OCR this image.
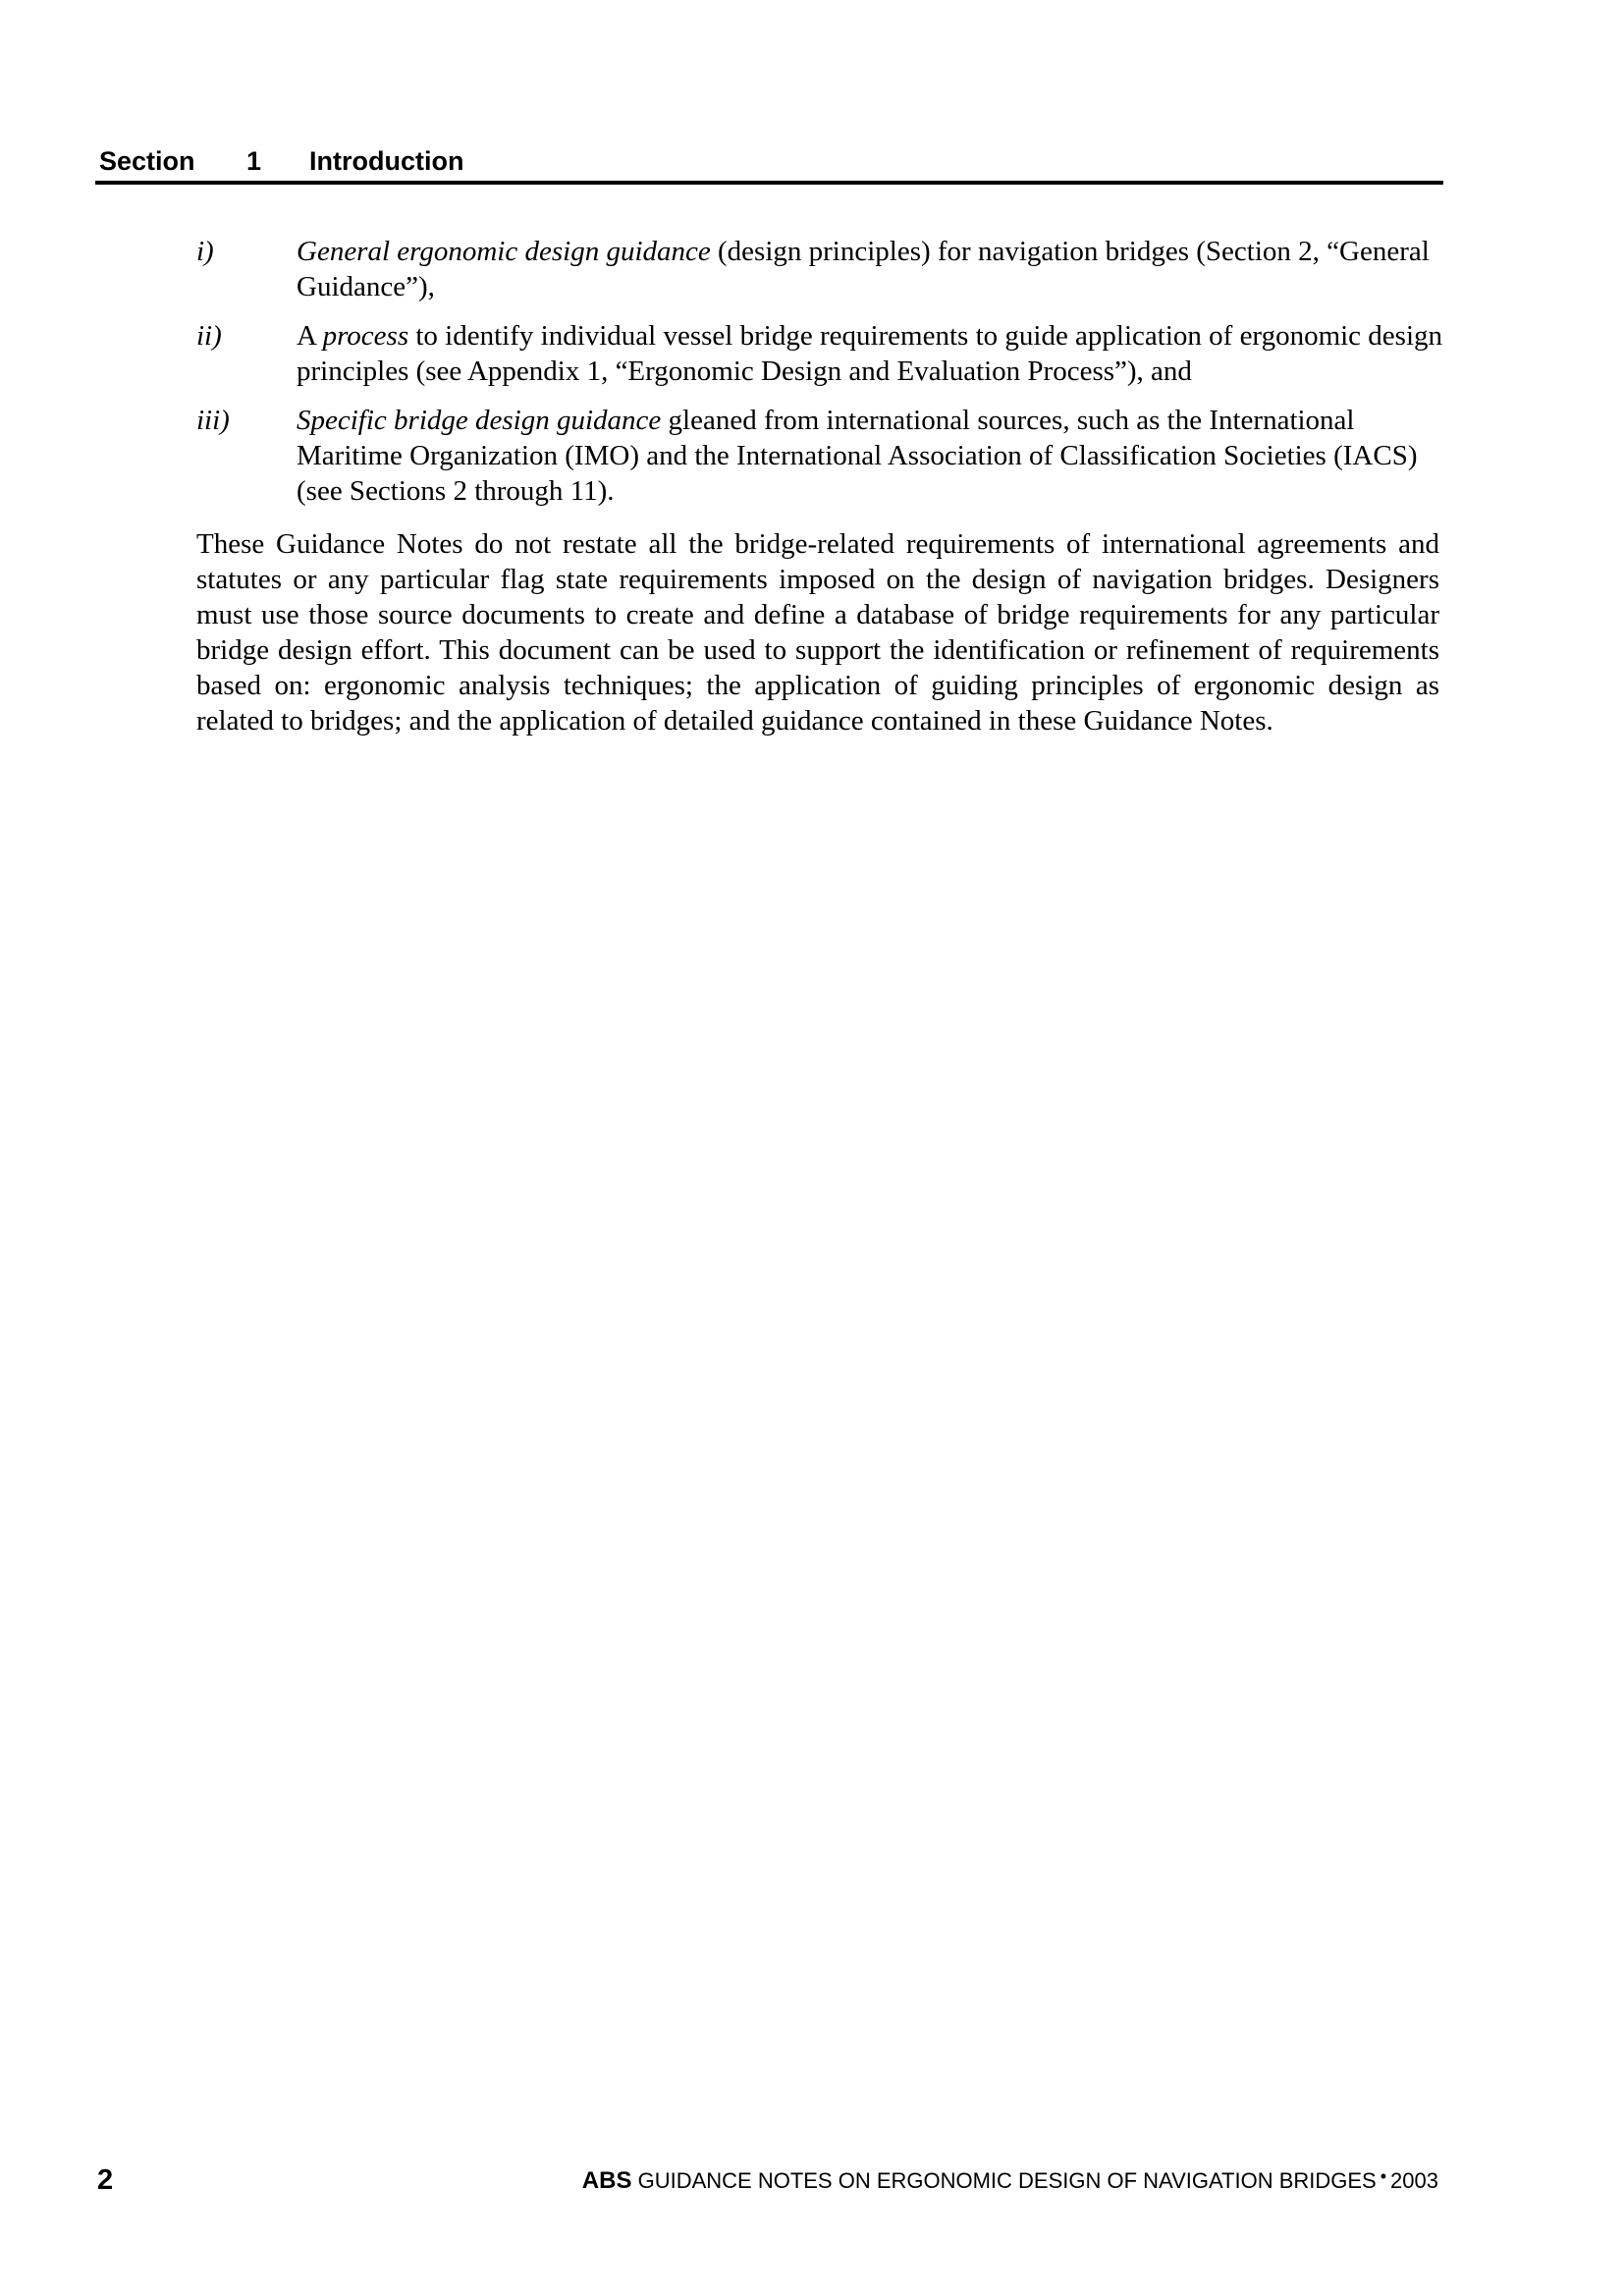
Section 1 Introduction
i)	General ergonomic design guidance (design principles) for navigation bridges (Section 2, “General Guidance”),
ii)	A process to identify individual vessel bridge requirements to guide application of ergonomic design principles (see Appendix 1, “Ergonomic Design and Evaluation Process”), and
iii) Specific bridge design guidance gleaned from international sources, such as the International Maritime Organization (IMO) and the International Association of Classification Societies (IACS) (see Sections 2 through 11).

These Guidance Notes do not restate all the bridge-related requirements of international agreements and statutes or any particular flag state requirements imposed on the design of navigation bridges. Designers must use those source documents to create and define a database of bridge requirements for any particular bridge design effort. This document can be used to support the identification or refinement of requirements based on: ergonomic analysis techniques; the application of guiding principles of ergonomic design as related to bridges; and the application of detailed guidance contained in these Guidance Notes.

2	ABS GUIDANCE NOTES ON ERGONOMIC DESIGN OF NAVIGATION BRIDGES • 2003
